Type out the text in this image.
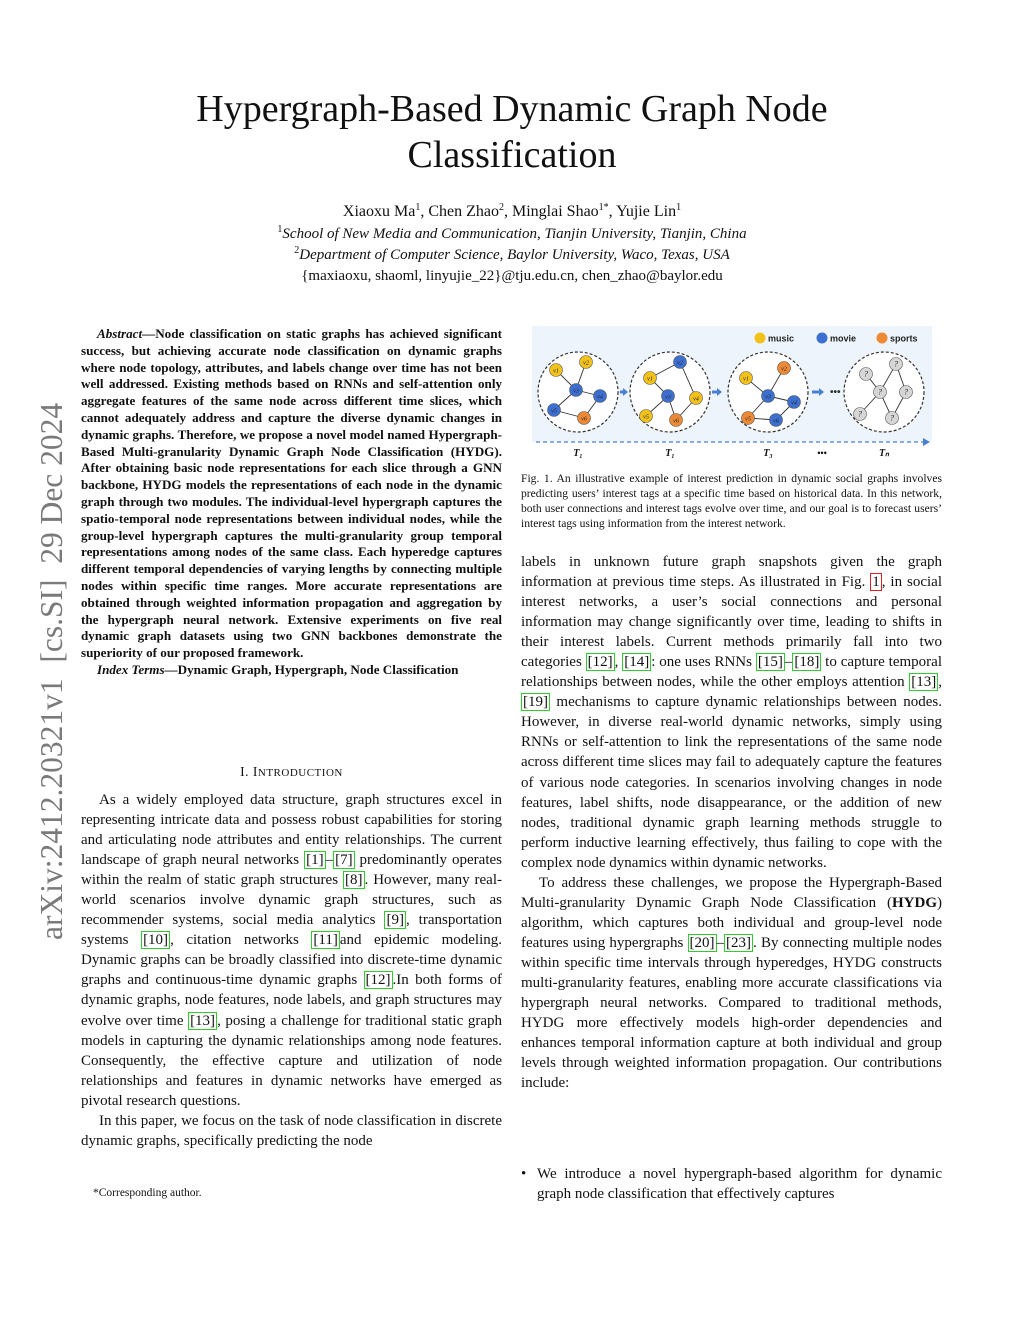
arXiv:2412.20321v1  [cs.SI]  29 Dec 2024
Hypergraph-Based Dynamic Graph Node
Classification
Xiaoxu Ma$^1$, Chen Zhao$^2$, Minglai Shao$^{1*}$, Yujie Lin$^1$
$^1$School of New Media and Communication, Tianjin University, Tianjin, China
$^2$Department of Computer Science, Baylor University, Waco, Texas, USA
{maxiaoxu, shaoml, linyujie_22}@tju.edu.cn, chen_zhao@baylor.edu

Abstract—Node classification on static graphs has achieved significant success, but achieving accurate node classification on dynamic graphs where node topology, attributes, and labels change over time has not been well addressed. Existing methods based on RNNs and self-attention only aggregate features of the same node across different time slices, which cannot adequately address and capture the diverse dynamic changes in dynamic graphs. Therefore, we propose a novel model named Hypergraph-Based Multi-granularity Dynamic Graph Node Classification (HYDG). After obtaining basic node representations for each slice through a GNN backbone, HYDG models the representations of each node in the dynamic graph through two modules. The individual-level hypergraph captures the spatio-temporal node representations between individual nodes, while the group-level hypergraph captures the multi-granularity group temporal representations among nodes of the same class. Each hyperedge captures different temporal dependencies of varying lengths by connecting multiple nodes within specific time ranges. More accurate representations are obtained through weighted information propagation and aggregation by the hypergraph neural network. Extensive experiments on five real dynamic graph datasets using two GNN backbones demonstrate the superiority of our proposed framework.

Index Terms—Dynamic Graph, Hypergraph, Node Classification

I. INTRODUCTION

As a widely employed data structure, graph structures excel in representing intricate data and possess robust capabilities for storing and articulating node attributes and entity relationships. The current landscape of graph neural networks [1] – [7] predominantly operates within the realm of static graph structures [8] . However, many real-world scenarios involve dynamic graph structures, such as recommender systems, social media analytics [9] , transportation systems [10] , citation networks [11] and epidemic modeling. Dynamic graphs can be broadly classified into discrete-time dynamic graphs and continuous-time dynamic graphs [12] .In both forms of dynamic graphs, node features, node labels, and graph structures may evolve over time [13] , posing a challenge for traditional static graph models in capturing the dynamic relationships among node features. Consequently, the effective capture and utilization of node relationships and features in dynamic networks have emerged as pivotal research questions.

In this paper, we focus on the task of node classification in discrete dynamic graphs, specifically predicting the node

*Corresponding author.
music	movie	sports
v1
v2
v3
v4
v5
v6
v1
v2
v3	v4
v5
v6
v1
v2
v3
v4
v5	v6
?
?
?	?
?	?
•••
T₁	T₁	T₃	•••	Tₙ
Fig. 1. An illustrative example of interest prediction in dynamic social graphs involves predicting users’ interest tags at a specific time based on historical data. In this network, both user connections and interest tags evolve over time, and our goal is to forecast users’ interest tags using information from the interest network.

labels in unknown future graph snapshots given the graph information at previous time steps. As illustrated in Fig. 1 , in social interest networks, a user’s social connections and personal information may change significantly over time, leading to shifts in their interest labels. Current methods primarily fall into two categories [12] , [14] : one uses RNNs [15] – [18] to capture temporal relationships between nodes, while the other employs attention [13] , [19] mechanisms to capture dynamic relationships between nodes. However, in diverse real-world dynamic networks, simply using RNNs or self-attention to link the representations of the same node across different time slices may fail to adequately capture the features of various node categories. In scenarios involving changes in node features, label shifts, node disappearance, or the addition of new nodes, traditional dynamic graph learning methods struggle to perform inductive learning effectively, thus failing to cope with the complex node dynamics within dynamic networks.

To address these challenges, we propose the Hypergraph-Based Multi-granularity Dynamic Graph Node Classification (HYDG) algorithm, which captures both individual and group-level node features using hypergraphs [20] – [23] . By connecting multiple nodes within specific time intervals through hyperedges, HYDG constructs multi-granularity features, enabling more accurate classifications via hypergraph neural networks. Compared to traditional methods, HYDG more effectively models high-order dependencies and enhances temporal information capture at both individual and group levels through weighted information propagation. Our contributions include:

• We introduce a novel hypergraph-based algorithm for dynamic graph node classification that effectively captures
